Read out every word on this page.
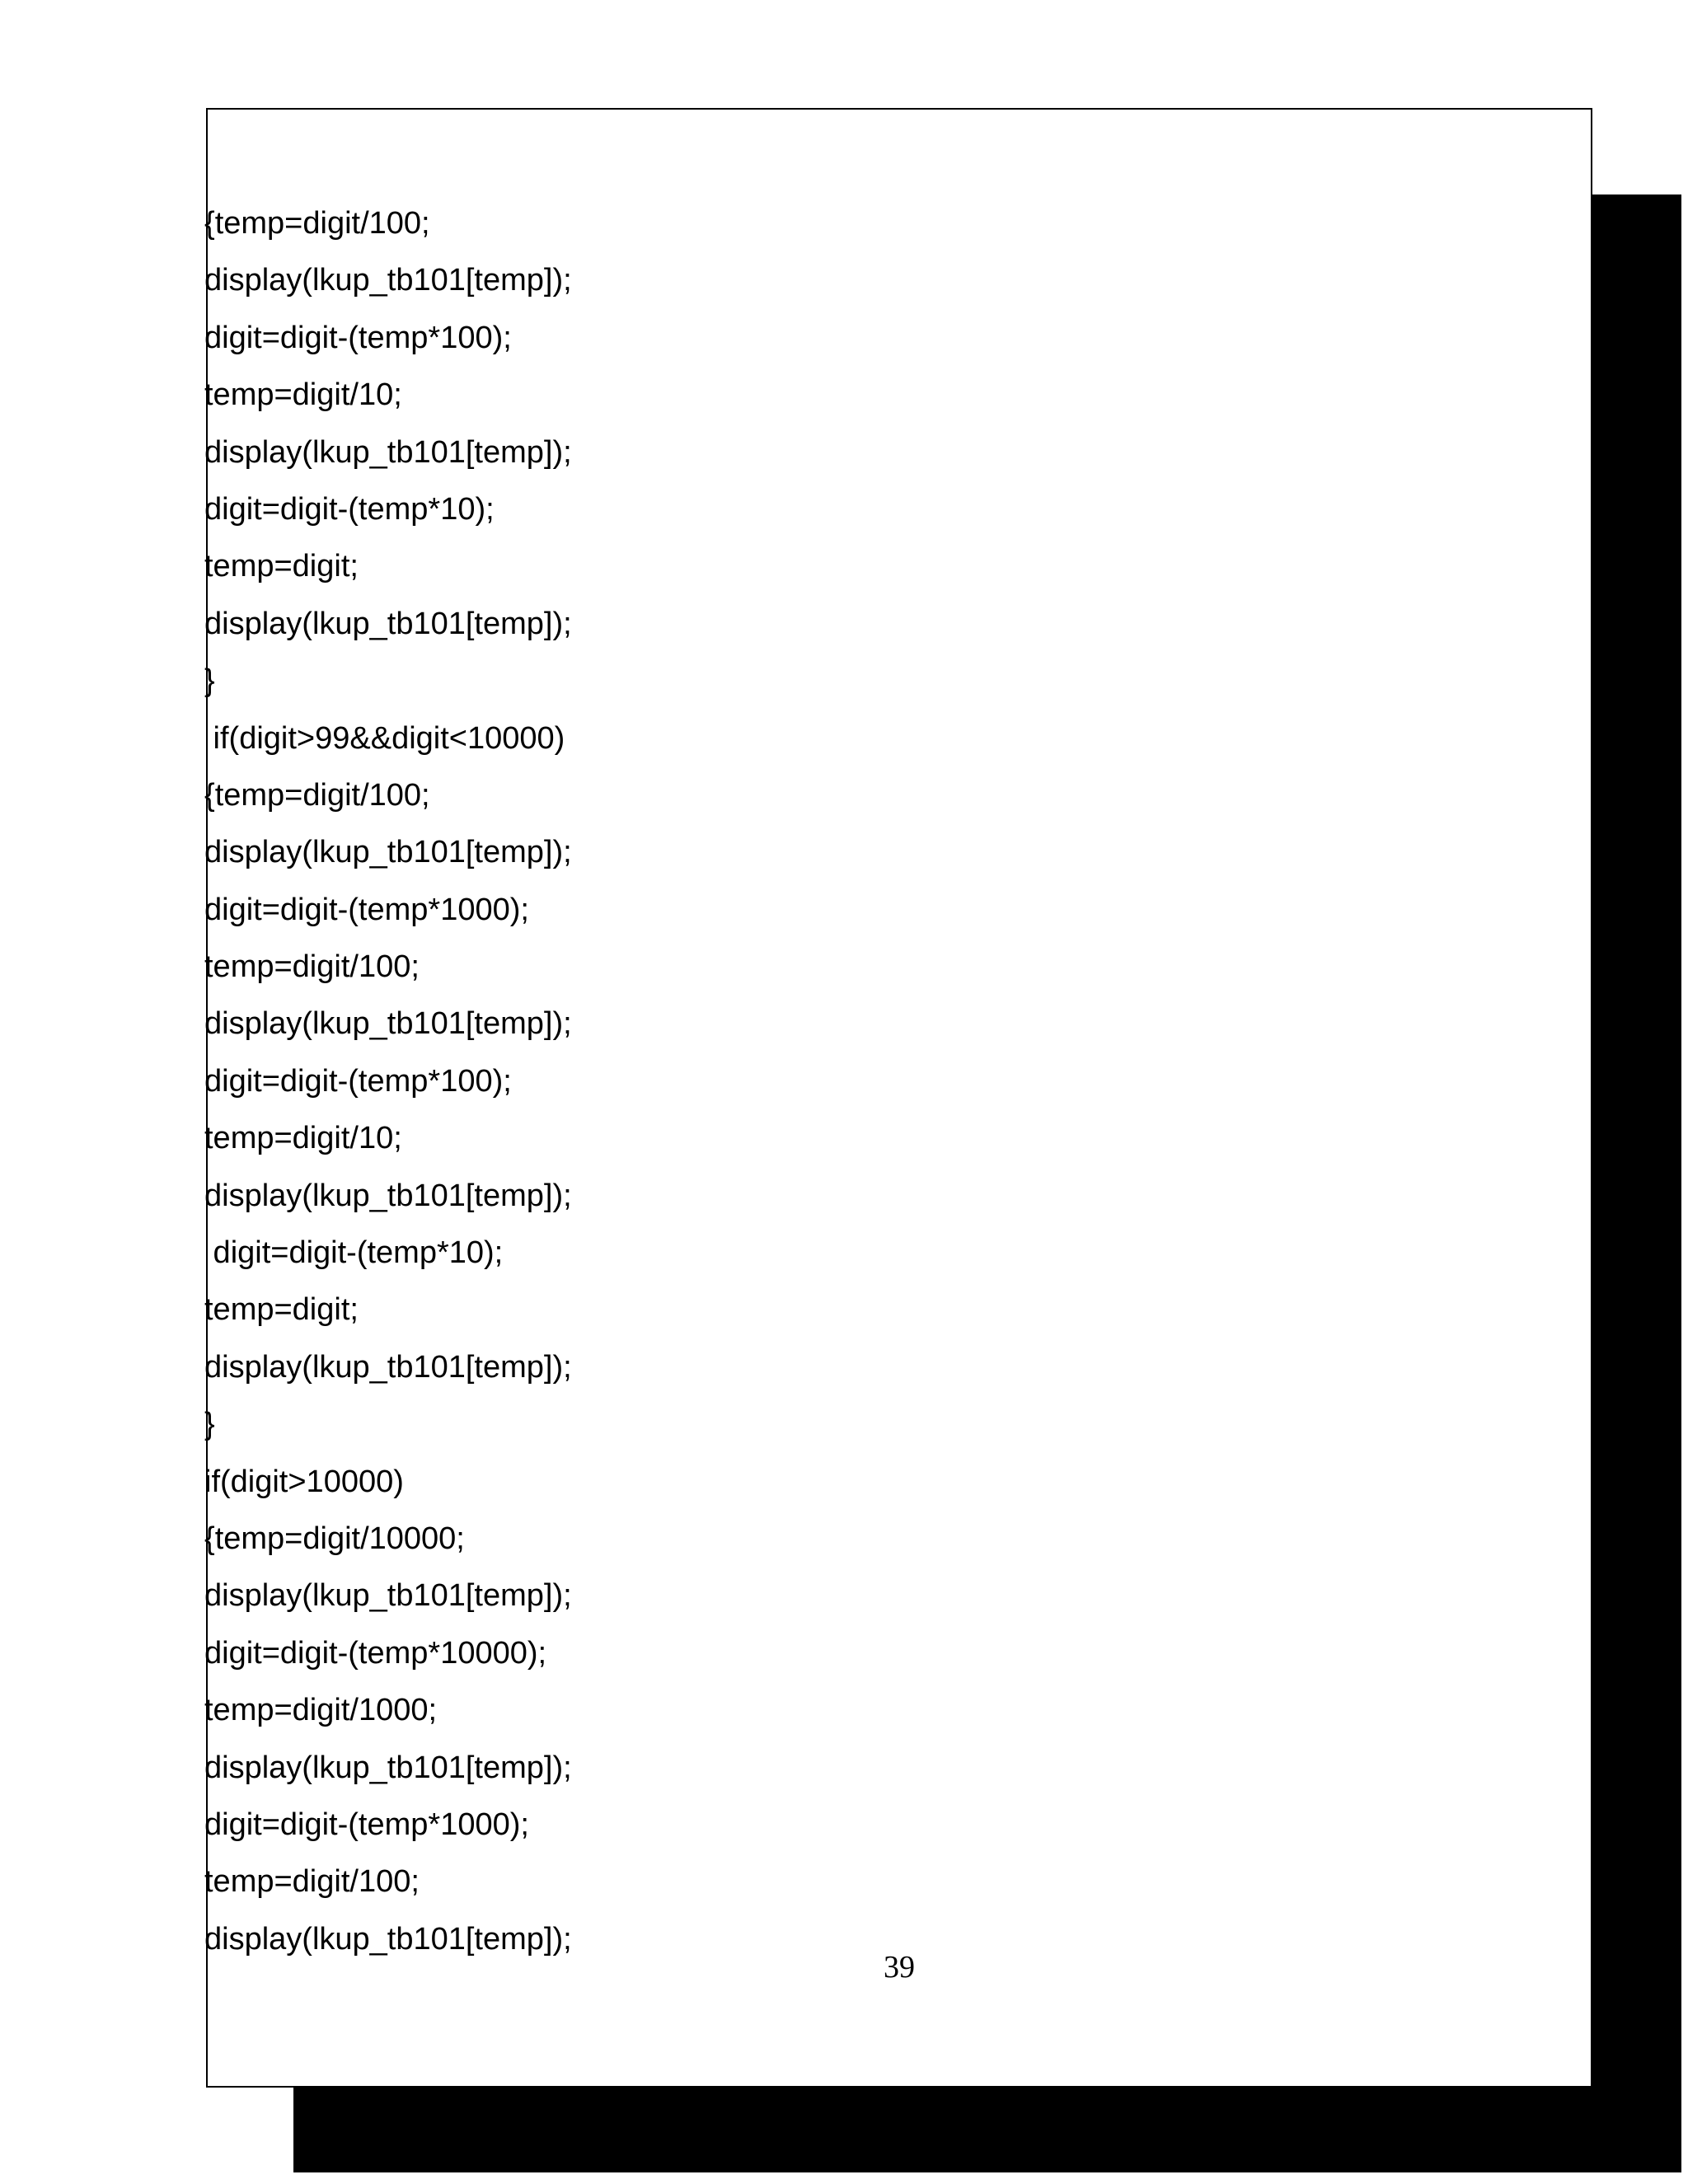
{temp=digit/100;
display(lkup_tb101[temp]);
digit=digit-(temp*100);
temp=digit/10;
display(lkup_tb101[temp]);
digit=digit-(temp*10);
temp=digit;
display(lkup_tb101[temp]);
}
if(digit>99&&digit<10000)
{temp=digit/100;
display(lkup_tb101[temp]);
digit=digit-(temp*1000);
temp=digit/100;
display(lkup_tb101[temp]);
digit=digit-(temp*100);
temp=digit/10;
display(lkup_tb101[temp]);
digit=digit-(temp*10);
temp=digit;
display(lkup_tb101[temp]);
}
if(digit>10000)
{temp=digit/10000;
display(lkup_tb101[temp]);
digit=digit-(temp*10000);
temp=digit/1000;
display(lkup_tb101[temp]);
digit=digit-(temp*1000);
temp=digit/100;
display(lkup_tb101[temp]);
39
